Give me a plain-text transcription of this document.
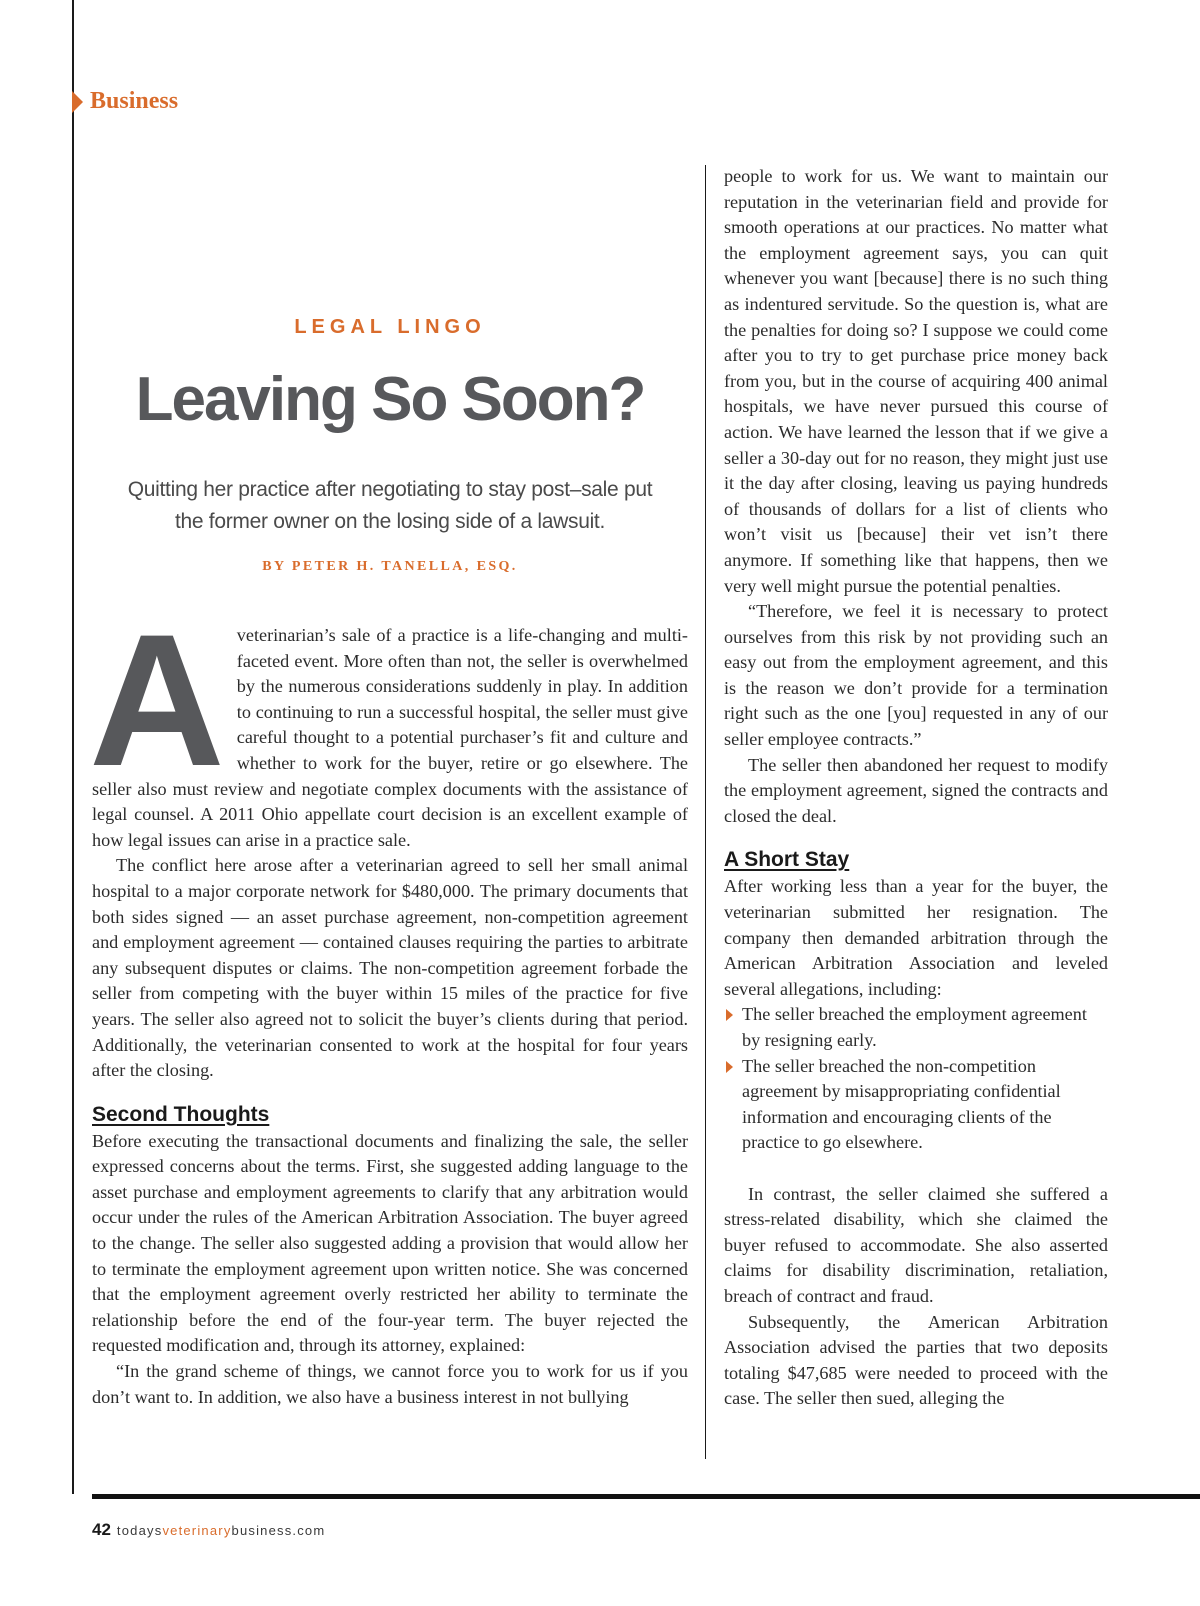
Business
LEGAL LINGO
Leaving So Soon?
Quitting her practice after negotiating to stay post–sale put the former owner on the losing side of a lawsuit.
BY PETER H. TANELLA, ESQ.

Aveterinarian’s sale of a practice is a life-changing and multi-faceted event. More often than not, the seller is overwhelmed by the numerous considerations suddenly in play. In addition to continuing to run a successful hospital, the seller must give careful thought to a potential purchaser’s fit and culture and whether to work for the buyer, retire or go elsewhere. The seller also must review and negotiate complex documents with the assistance of legal counsel. A 2011 Ohio appellate court decision is an excellent example of how legal issues can arise in a practice sale.

The conflict here arose after a veterinarian agreed to sell her small animal hospital to a major corporate network for $480,000. The primary documents that both sides signed — an asset purchase agreement, non-competition agreement and employment agreement — contained clauses requiring the parties to arbitrate any subsequent disputes or claims. The non-competition agreement forbade the seller from competing with the buyer within 15 miles of the practice for five years. The seller also agreed not to solicit the buyer’s clients during that period. Additionally, the veterinarian consented to work at the hospital for four years after the closing.

Second Thoughts

Before executing the transactional documents and finalizing the sale, the seller expressed concerns about the terms. First, she suggested adding language to the asset purchase and employment agreements to clarify that any arbitration would occur under the rules of the American Arbitration Association. The buyer agreed to the change. The seller also suggested adding a provision that would allow her to terminate the employment agreement upon written notice. She was concerned that the employment agreement overly restricted her ability to terminate the relationship before the end of the four-year term. The buyer rejected the requested modification and, through its attorney, explained:

“In the grand scheme of things, we cannot force you to work for us if you don’t want to. In addition, we also have a business interest in not bullying

people to work for us. We want to maintain our reputation in the veterinarian field and provide for smooth operations at our practices. No matter what the employment agreement says, you can quit whenever you want [because] there is no such thing as indentured servitude. So the question is, what are the penalties for doing so? I suppose we could come after you to try to get purchase price money back from you, but in the course of acquiring 400 animal hospitals, we have never pursued this course of action. We have learned the lesson that if we give a seller a 30-day out for no reason, they might just use it the day after closing, leaving us paying hundreds of thousands of dollars for a list of clients who won’t visit us [because] their vet isn’t there anymore. If something like that happens, then we very well might pursue the potential penalties.

“Therefore, we feel it is necessary to protect ourselves from this risk by not providing such an easy out from the employment agreement, and this is the reason we don’t provide for a termination right such as the one [you] requested in any of our seller employee contracts.”

The seller then abandoned her request to modify the employment agreement, signed the contracts and closed the deal.

A Short Stay

After working less than a year for the buyer, the veterinarian submitted her resignation. The company then demanded arbitration through the American Arbitration Association and leveled several allegations, including:

The seller breached the employment agreement by resigning early.
The seller breached the non-competition agreement by misappropriating confidential information and encouraging clients of the practice to go elsewhere.

In contrast, the seller claimed she suffered a stress-related disability, which she claimed the buyer refused to accommodate. She also asserted claims for disability discrimination, retaliation, breach of contract and fraud.

Subsequently, the American Arbitration Association advised the parties that two deposits totaling $47,685 were needed to proceed with the case. The seller then sued, alleging the

42 todaysveterinarybusiness.com
